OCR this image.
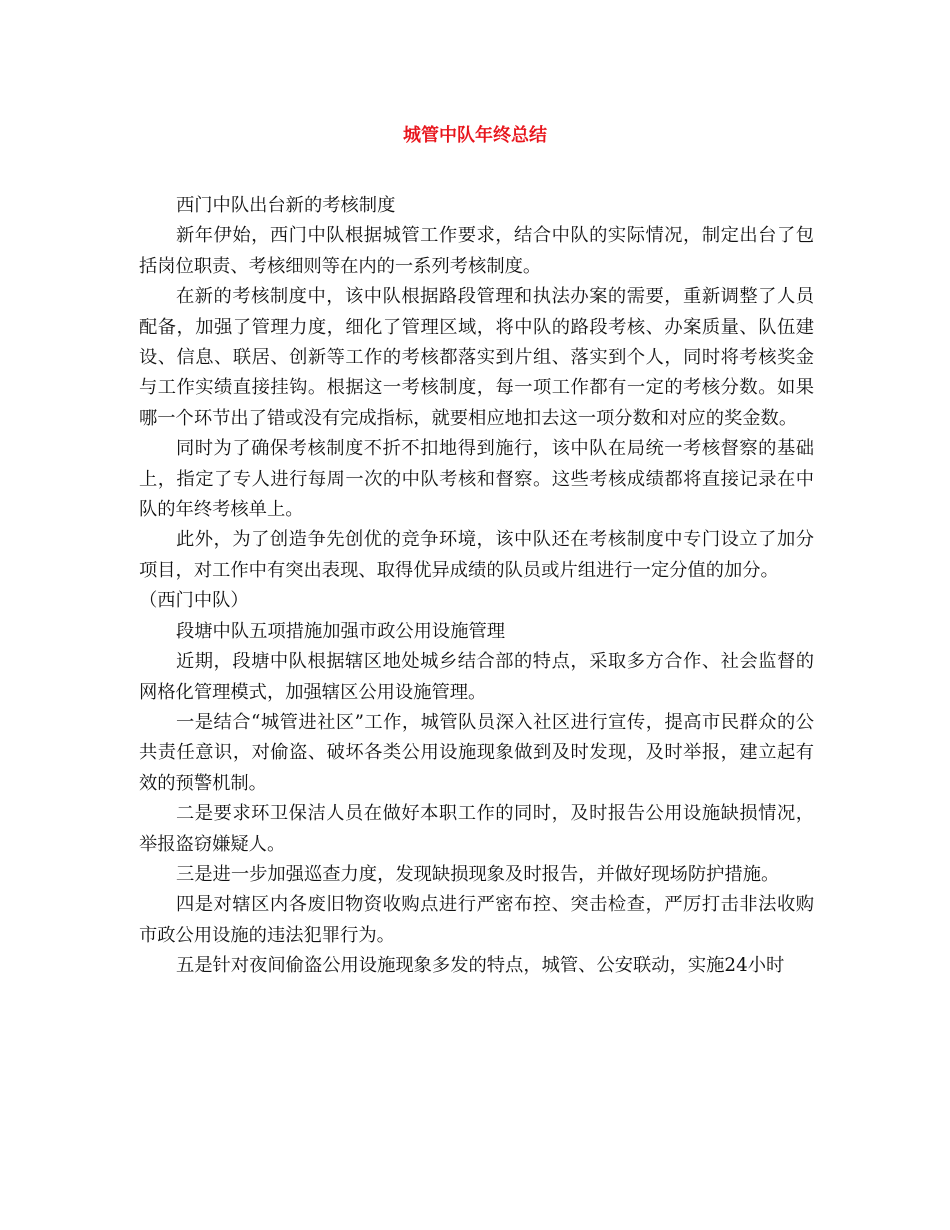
城管中队年终总结

西门中队出台新的考核制度

新年伊始，西门中队根据城管工作要求，结合中队的实际情况，制定出台了包括岗位职责、考核细则等在内的一系列考核制度。

在新的考核制度中，该中队根据路段管理和执法办案的需要，重新调整了人员配备，加强了管理力度，细化了管理区域，将中队的路段考核、办案质量、队伍建设、信息、联居、创新等工作的考核都落实到片组、落实到个人，同时将考核奖金与工作实绩直接挂钩。根据这一考核制度，每一项工作都有一定的考核分数。如果哪一个环节出了错或没有完成指标，就要相应地扣去这一项分数和对应的奖金数。

同时为了确保考核制度不折不扣地得到施行，该中队在局统一考核督察的基础上，指定了专人进行每周一次的中队考核和督察。这些考核成绩都将直接记录在中队的年终考核单上。

此外，为了创造争先创优的竞争环境，该中队还在考核制度中专门设立了加分项目，对工作中有突出表现、取得优异成绩的队员或片组进行一定分值的加分。

（西门中队）

段塘中队五项措施加强市政公用设施管理

近期，段塘中队根据辖区地处城乡结合部的特点，采取多方合作、社会监督的网格化管理模式，加强辖区公用设施管理。

一是结合“城管进社区”工作，城管队员深入社区进行宣传，提高市民群众的公共责任意识，对偷盗、破坏各类公用设施现象做到及时发现，及时举报，建立起有效的预警机制。

二是要求环卫保洁人员在做好本职工作的同时，及时报告公用设施缺损情况，举报盗窃嫌疑人。

三是进一步加强巡查力度，发现缺损现象及时报告，并做好现场防护措施。

四是对辖区内各废旧物资收购点进行严密布控、突击检查，严厉打击非法收购市政公用设施的违法犯罪行为。

五是针对夜间偷盗公用设施现象多发的特点，城管、公安联动，实施24小时
